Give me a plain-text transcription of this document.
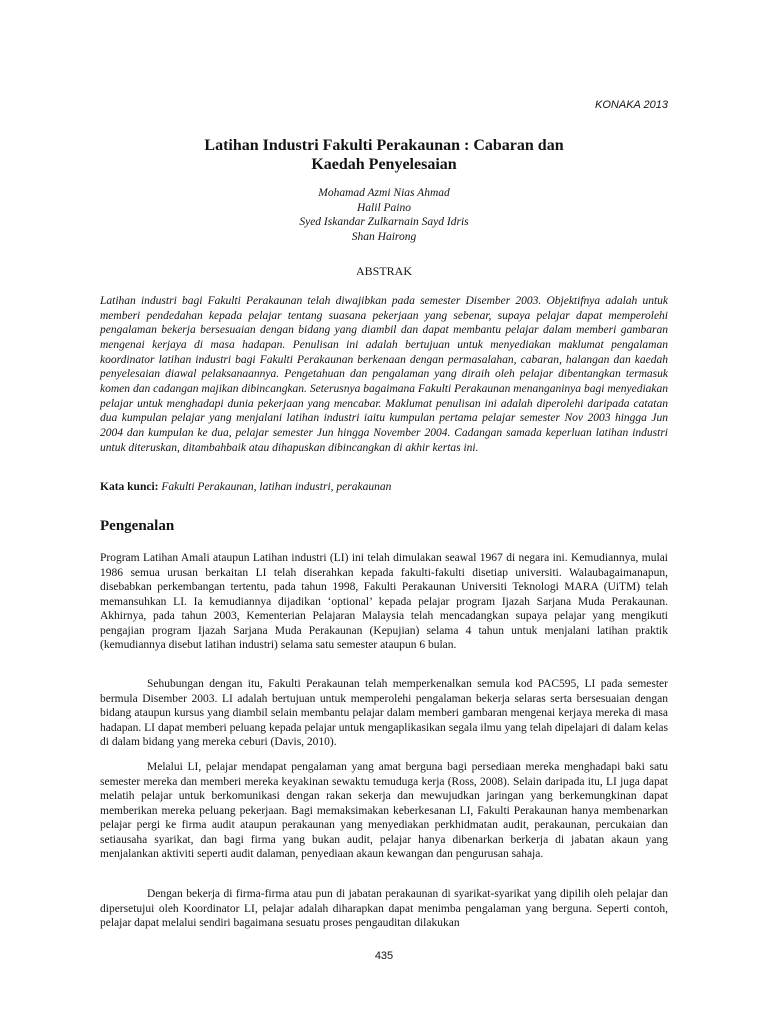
KONAKA 2013
Latihan Industri Fakulti Perakaunan : Cabaran dan
Kaedah Penyelesaian
Mohamad Azmi Nias Ahmad
Halil Paino
Syed Iskandar Zulkarnain Sayd Idris
Shan Hairong
ABSTRAK
Latihan industri bagi Fakulti Perakaunan telah diwajibkan pada semester Disember 2003. Objektifnya adalah untuk memberi pendedahan kepada pelajar tentang suasana pekerjaan yang sebenar, supaya pelajar dapat memperolehi pengalaman bekerja bersesuaian dengan bidang yang diambil dan dapat membantu pelajar dalam memberi gambaran mengenai kerjaya di masa hadapan. Penulisan ini adalah bertujuan untuk menyediakan maklumat pengalaman koordinator latihan industri bagi Fakulti Perakaunan berkenaan dengan permasalahan, cabaran, halangan dan kaedah penyelesaian diawal pelaksanaannya. Pengetahuan dan pengalaman yang diraih oleh pelajar dibentangkan termasuk komen dan cadangan majikan dibincangkan. Seterusnya bagaimana Fakulti Perakaunan menanganinya bagi menyediakan pelajar untuk menghadapi dunia pekerjaan yang mencabar. Maklumat penulisan ini adalah diperolehi daripada catatan dua kumpulan pelajar yang menjalani latihan industri iaitu kumpulan pertama pelajar semester Nov 2003 hingga Jun 2004 dan kumpulan ke dua, pelajar semester Jun hingga November 2004. Cadangan samada keperluan latihan industri untuk diteruskan, ditambahbaik atau dihapuskan dibincangkan di akhir kertas ini.
Kata kunci: Fakulti Perakaunan, latihan industri, perakaunan
Pengenalan

Program Latihan Amali ataupun Latihan industri (LI) ini telah dimulakan seawal 1967 di negara ini. Kemudiannya, mulai 1986 semua urusan berkaitan LI telah diserahkan kepada fakulti-fakulti disetiap universiti. Walaubagaimanapun, disebabkan perkembangan tertentu, pada tahun 1998, Fakulti Perakaunan Universiti Teknologi MARA (UiTM) telah memansuhkan LI. Ia kemudiannya dijadikan ‘optional’ kepada pelajar program Ijazah Sarjana Muda Perakaunan. Akhirnya, pada tahun 2003, Kementerian Pelajaran Malaysia telah mencadangkan supaya pelajar yang mengikuti pengajian program Ijazah Sarjana Muda Perakaunan (Kepujian) selama 4 tahun untuk menjalani latihan praktik (kemudiannya disebut latihan industri) selama satu semester ataupun 6 bulan.

Sehubungan dengan itu, Fakulti Perakaunan telah memperkenalkan semula kod PAC595, LI pada semester bermula Disember 2003. LI adalah bertujuan untuk memperolehi pengalaman bekerja selaras serta bersesuaian dengan bidang ataupun kursus yang diambil selain membantu pelajar dalam memberi gambaran mengenai kerjaya mereka di masa hadapan. LI dapat memberi peluang kepada pelajar untuk mengaplikasikan segala ilmu yang telah dipelajari di dalam kelas di dalam bidang yang mereka ceburi (Davis, 2010).

Melalui LI, pelajar mendapat pengalaman yang amat berguna bagi persediaan mereka menghadapi baki satu semester mereka dan memberi mereka keyakinan sewaktu temuduga kerja (Ross, 2008). Selain daripada itu, LI juga dapat melatih pelajar untuk berkomunikasi dengan rakan sekerja dan mewujudkan jaringan yang berkemungkinan dapat memberikan mereka peluang pekerjaan. Bagi memaksimakan keberkesanan LI, Fakulti Perakaunan hanya membenarkan pelajar pergi ke firma audit ataupun perakaunan yang menyediakan perkhidmatan audit, perakaunan, percukaian dan setiausaha syarikat, dan bagi firma yang bukan audit, pelajar hanya dibenarkan berkerja di jabatan akaun yang menjalankan aktiviti seperti audit dalaman, penyediaan akaun kewangan dan pengurusan sahaja.

Dengan bekerja di firma-firma atau pun di jabatan perakaunan di syarikat-syarikat yang dipilih oleh pelajar dan dipersetujui oleh Koordinator LI, pelajar adalah diharapkan dapat menimba pengalaman yang berguna. Seperti contoh, pelajar dapat melalui sendiri bagaimana sesuatu proses pengauditan dilakukan

435
